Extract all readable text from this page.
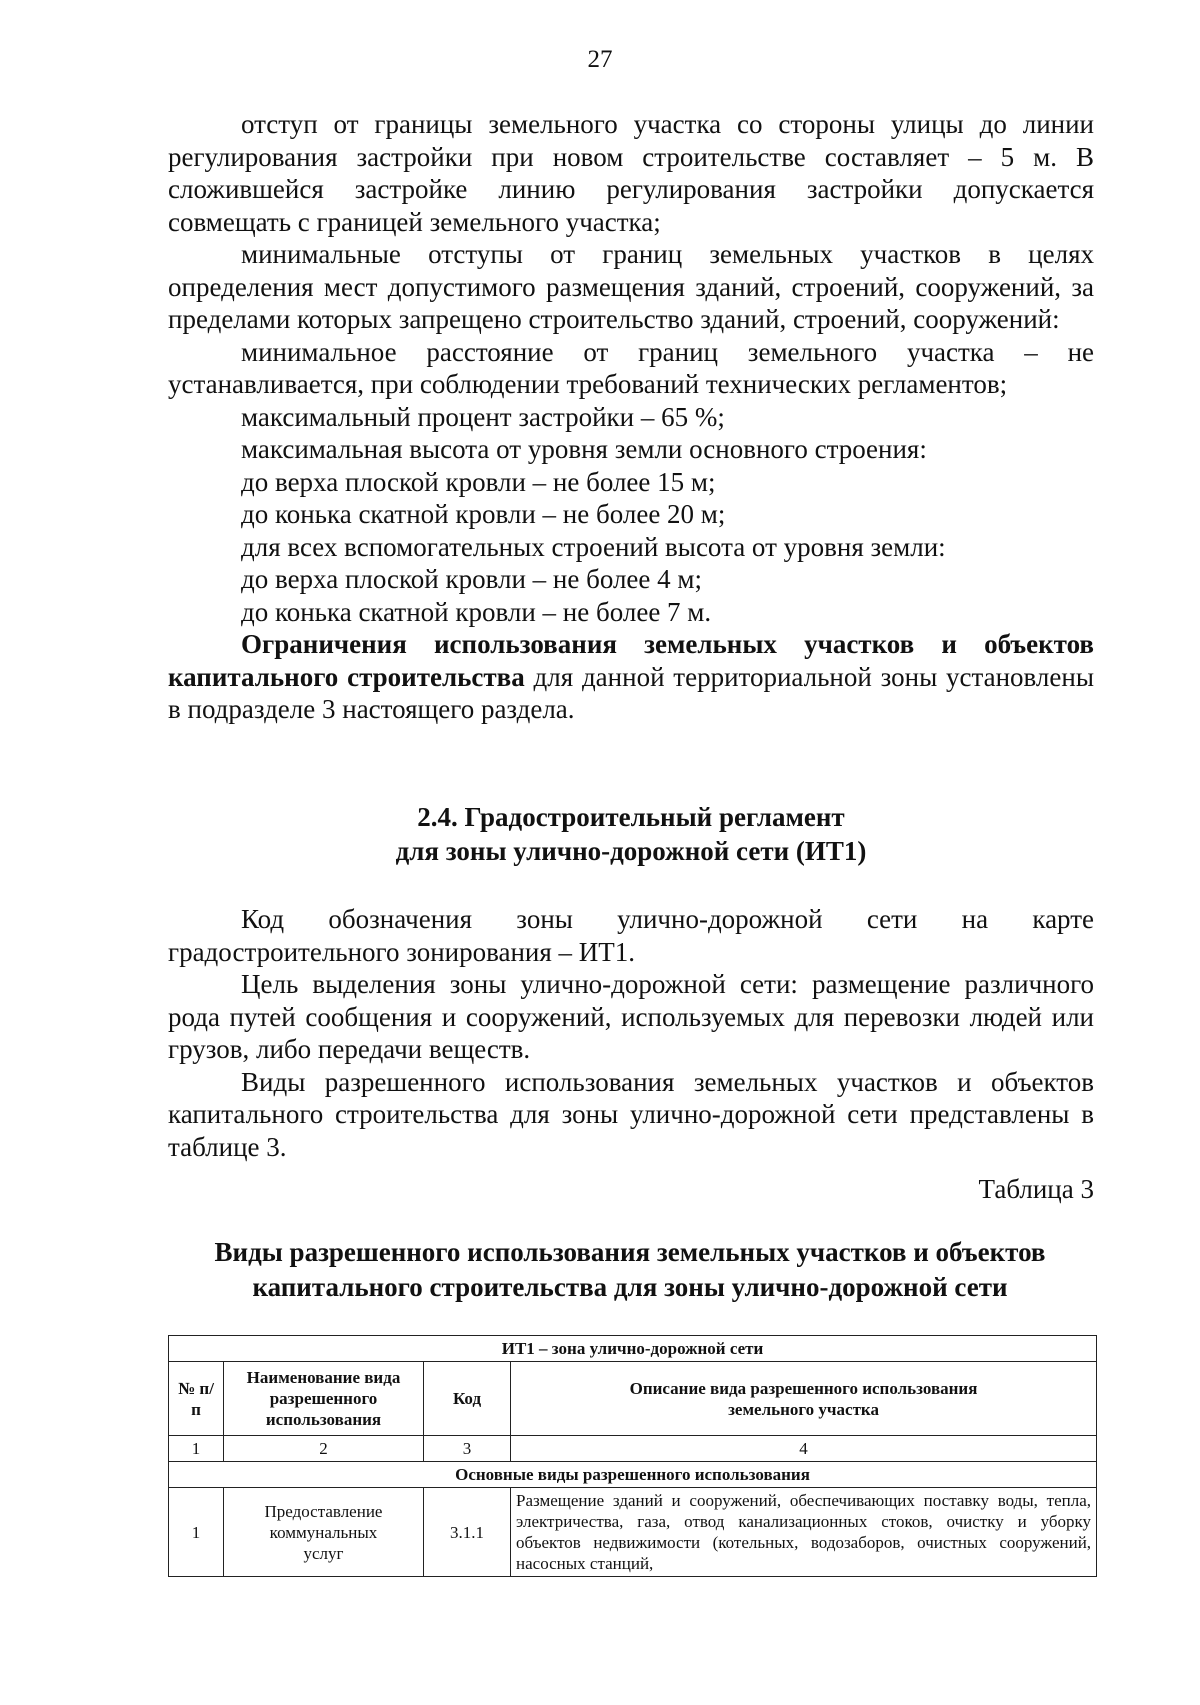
27

отступ от границы земельного участка со стороны улицы до линии регулирования застройки при новом строительстве составляет – 5 м. В сложившейся застройке линию регулирования застройки допускается совмещать с границей земельного участка;

минимальные отступы от границ земельных участков в целях определения мест допустимого размещения зданий, строений, сооружений, за пределами которых запрещено строительство зданий, строений, сооружений:

минимальное расстояние от границ земельного участка – не устанавливается, при соблюдении требований технических регламентов;

максимальный процент застройки – 65 %;

максимальная высота от уровня земли основного строения:

до верха плоской кровли – не более 15 м;

до конька скатной кровли – не более 20 м;

для всех вспомогательных строений высота от уровня земли:

до верха плоской кровли – не более 4 м;

до конька скатной кровли – не более 7 м.

Ограничения использования земельных участков и объектов капитального строительства для данной территориальной зоны установлены в подразделе 3 настоящего раздела.

2.4. Градостроительный регламент
для зоны улично-дорожной сети (ИТ1)

Код обозначения зоны улично-дорожной сети на карте градостроительного зонирования – ИТ1.

Цель выделения зоны улично-дорожной сети: размещение различного рода путей сообщения и сооружений, используемых для перевозки людей или грузов, либо передачи веществ.

Виды разрешенного использования земельных участков и объектов капитального строительства для зоны улично-дорожной сети представлены в таблице 3.

Таблица 3
Виды разрешенного использования земельных участков и объектов
капитального строительства для зоны улично-дорожной сети
ИТ1 – зона улично-дорожной сети			
№ п/п	Наименование вида разрешенного использования	Код	Описание вида разрешенного использования земельного участка
1	2	3	4
Основные виды разрешенного использования			
1	Предоставление коммунальных услуг	3.1.1	Размещение зданий и сооружений, обеспечивающих поставку воды, тепла, электричества, газа, отвод канализационных стоков, очистку и уборку объектов недвижимости (котельных, водозаборов, очистных сооружений, насосных станций,
